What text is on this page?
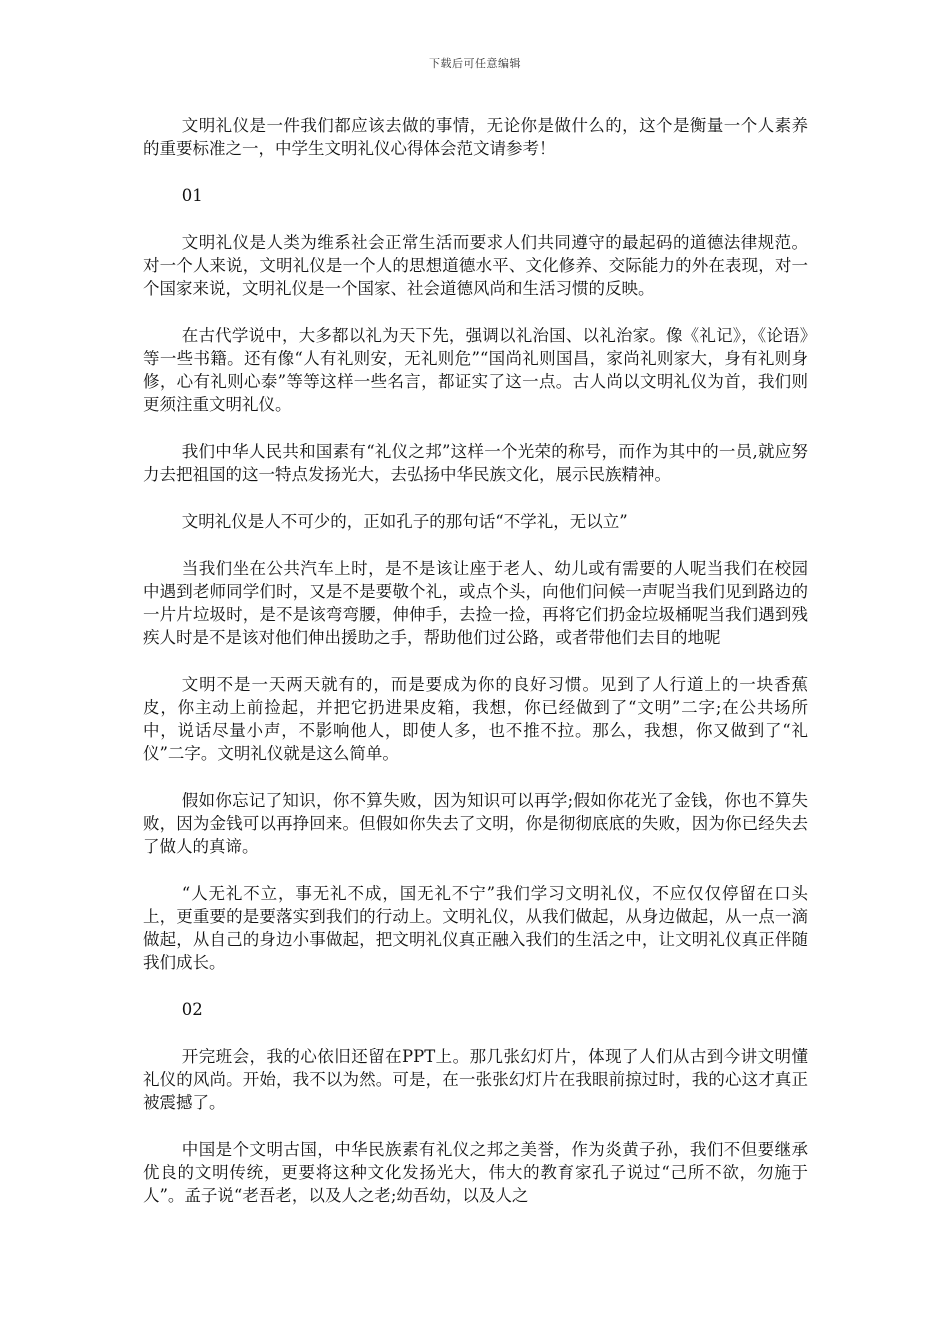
下载后可任意编辑

文明礼仪是一件我们都应该去做的事情，无论你是做什么的，这个是衡量一个人素养的重要标准之一，中学生文明礼仪心得体会范文请参考！

01

文明礼仪是人类为维系社会正常生活而要求人们共同遵守的最起码的道德法律规范。对一个人来说，文明礼仪是一个人的思想道德水平、文化修养、交际能力的外在表现，对一个国家来说，文明礼仪是一个国家、社会道德风尚和生活习惯的反映。

在古代学说中，大多都以礼为天下先，强调以礼治国、以礼治家。像《礼记》，《论语》等一些书籍。还有像“人有礼则安，无礼则危”“国尚礼则国昌，家尚礼则家大，身有礼则身修，心有礼则心泰”等等这样一些名言，都证实了这一点。古人尚以文明礼仪为首，我们则更须注重文明礼仪。

我们中华人民共和国素有“礼仪之邦”这样一个光荣的称号，而作为其中的一员,就应努力去把祖国的这一特点发扬光大，去弘扬中华民族文化，展示民族精神。

文明礼仪是人不可少的，正如孔子的那句话“不学礼，无以立”

当我们坐在公共汽车上时，是不是该让座于老人、幼儿或有需要的人呢当我们在校园中遇到老师同学们时，又是不是要敬个礼，或点个头，向他们问候一声呢当我们见到路边的一片片垃圾时，是不是该弯弯腰，伸伸手，去捡一捡，再将它们扔金垃圾桶呢当我们遇到残疾人时是不是该对他们伸出援助之手，帮助他们过公路，或者带他们去目的地呢

文明不是一天两天就有的，而是要成为你的良好习惯。见到了人行道上的一块香蕉皮，你主动上前捡起，并把它扔进果皮箱，我想，你已经做到了“文明”二字;在公共场所中，说话尽量小声，不影响他人，即使人多，也不推不拉。那么，我想，你又做到了“礼仪”二字。文明礼仪就是这么简单。

假如你忘记了知识，你不算失败，因为知识可以再学;假如你花光了金钱，你也不算失败，因为金钱可以再挣回来。但假如你失去了文明，你是彻彻底底的失败，因为你已经失去了做人的真谛。

“人无礼不立，事无礼不成，国无礼不宁”我们学习文明礼仪，不应仅仅停留在口头上，更重要的是要落实到我们的行动上。文明礼仪，从我们做起，从身边做起，从一点一滴做起，从自己的身边小事做起，把文明礼仪真正融入我们的生活之中，让文明礼仪真正伴随我们成长。

02

开完班会，我的心依旧还留在PPT上。那几张幻灯片，体现了人们从古到今讲文明懂礼仪的风尚。开始，我不以为然。可是，在一张张幻灯片在我眼前掠过时，我的心这才真正被震撼了。

中国是个文明古国，中华民族素有礼仪之邦之美誉，作为炎黄子孙，我们不但要继承优良的文明传统，更要将这种文化发扬光大，伟大的教育家孔子说过“己所不欲，勿施于人”。孟子说“老吾老，以及人之老;幼吾幼，以及人之
